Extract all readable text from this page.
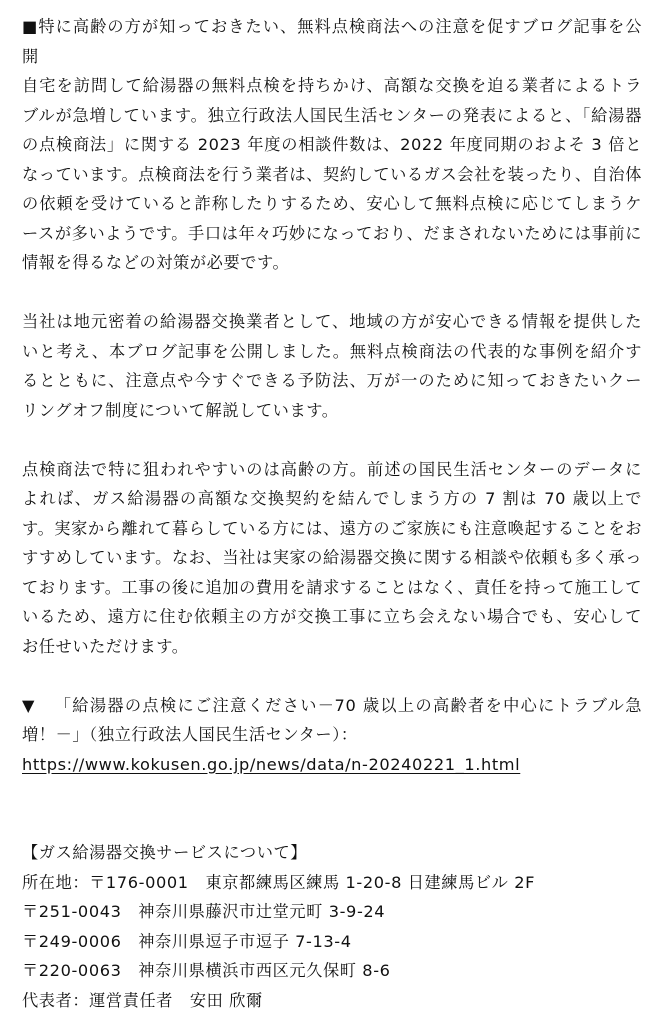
■特に高齢の方が知っておきたい、無料点検商法への注意を促すブログ記事を公開

自宅を訪問して給湯器の無料点検を持ちかけ、高額な交換を迫る業者によるトラブルが急増しています。独立行政法人国民生活センターの発表によると、「給湯器の点検商法」に関する 2023 年度の相談件数は、2022 年度同期のおよそ 3 倍となっています。点検商法を行う業者は、契約しているガス会社を装ったり、自治体の依頼を受けていると詐称したりするため、安心して無料点検に応じてしまうケースが多いようです。手口は年々巧妙になっており、だまされないためには事前に情報を得るなどの対策が必要です。

当社は地元密着の給湯器交換業者として、地域の方が安心できる情報を提供したいと考え、本ブログ記事を公開しました。無料点検商法の代表的な事例を紹介するとともに、注意点や今すぐできる予防法、万が一のために知っておきたいクーリングオフ制度について解説しています。

点検商法で特に狙われやすいのは高齢の方。前述の国民生活センターのデータによれば、ガス給湯器の高額な交換契約を結んでしまう方の 7 割は 70 歳以上です。実家から離れて暮らしている方には、遠方のご家族にも注意喚起することをおすすめしています。なお、当社は実家の給湯器交換に関する相談や依頼も多く承っております。工事の後に追加の費用を請求することはなく、責任を持って施工しているため、遠方に住む依頼主の方が交換工事に立ち会えない場合でも、安心してお任せいただけます。

▼ 「給湯器の点検にご注意ください－70 歳以上の高齢者を中心にトラブル急増！－」（独立行政法人国民生活センター）：
https://www.kokusen.go.jp/news/data/n-20240221_1.html

【ガス給湯器交換サービスについて】

所在地：〒176-0001　東京都練馬区練馬 1-20-8 日建練馬ビル 2F

〒251-0043　神奈川県藤沢市辻堂元町 3-9-24

〒249-0006　神奈川県逗子市逗子 7-13-4

〒220-0063　神奈川県横浜市西区元久保町 8-6

代表者：運営責任者　安田 欣爾
